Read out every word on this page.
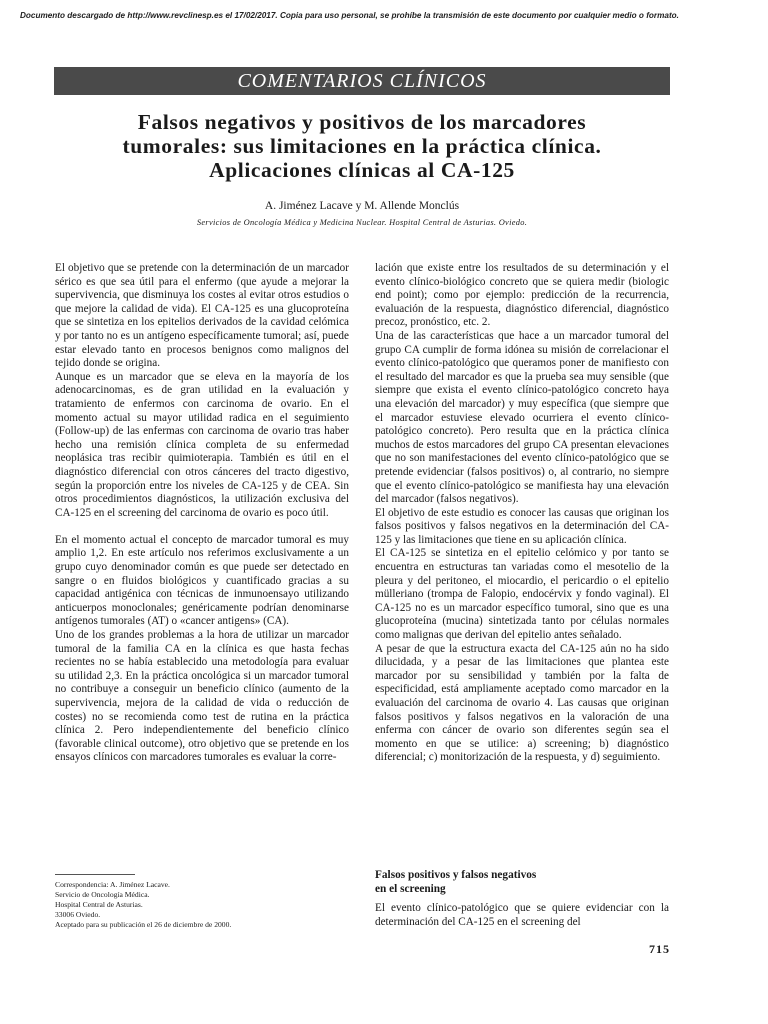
Documento descargado de http://www.revclinesp.es el 17/02/2017. Copia para uso personal, se prohíbe la transmisión de este documento por cualquier medio o formato.
COMENTARIOS CLÍNICOS
Falsos negativos y positivos de los marcadores
tumorales: sus limitaciones en la práctica clínica.
Aplicaciones clínicas al CA-125
A. Jiménez Lacave y M. Allende Monclús
Servicios de Oncología Médica y Medicina Nuclear. Hospital Central de Asturias. Oviedo.

El objetivo que se pretende con la determinación de un marcador sérico es que sea útil para el enfermo (que ayude a mejorar la supervivencia, que disminuya los costes al evitar otros estudios o que mejore la calidad de vida). El CA-125 es una glucoproteína que se sintetiza en los epitelios derivados de la cavidad celómica y por tanto no es un antígeno específicamente tumoral; así, puede estar elevado tanto en procesos benignos como malignos del tejido donde se origina.

Aunque es un marcador que se eleva en la mayoría de los adenocarcinomas, es de gran utilidad en la evaluación y tratamiento de enfermos con carcinoma de ovario. En el momento actual su mayor utilidad radica en el seguimiento (Follow-up) de las enfermas con carcinoma de ovario tras haber hecho una remisión clínica completa de su enfermedad neoplásica tras recibir quimioterapia. También es útil en el diagnóstico diferencial con otros cánceres del tracto digestivo, según la proporción entre los niveles de CA-125 y de CEA. Sin otros procedimientos diagnósticos, la utilización exclusiva del CA-125 en el screening del carcinoma de ovario es poco útil.

En el momento actual el concepto de marcador tumoral es muy amplio 1,2. En este artículo nos referimos exclusivamente a un grupo cuyo denominador común es que puede ser detectado en sangre o en fluidos biológicos y cuantificado gracias a su capacidad antigénica con técnicas de inmunoensayo utilizando anticuerpos monoclonales; genéricamente podrían denominarse antígenos tumorales (AT) o «cancer antigens» (CA).

Uno de los grandes problemas a la hora de utilizar un marcador tumoral de la familia CA en la clínica es que hasta fechas recientes no se había establecido una metodología para evaluar su utilidad 2,3. En la práctica oncológica si un marcador tumoral no contribuye a conseguir un beneficio clínico (aumento de la supervivencia, mejora de la calidad de vida o reducción de costes) no se recomienda como test de rutina en la práctica clínica 2. Pero independientemente del beneficio clínico (favorable clinical outcome), otro objetivo que se pretende en los ensayos clínicos con marcadores tumorales es evaluar la corre-

Correspondencia: A. Jiménez Lacave.
Servicio de Oncología Médica.
Hospital Central de Asturias.
33006 Oviedo.
Aceptado para su publicación el 26 de diciembre de 2000.

lación que existe entre los resultados de su determinación y el evento clínico-biológico concreto que se quiera medir (biologic end point); como por ejemplo: predicción de la recurrencia, evaluación de la respuesta, diagnóstico diferencial, diagnóstico precoz, pronóstico, etc. 2.

Una de las características que hace a un marcador tumoral del grupo CA cumplir de forma idónea su misión de correlacionar el evento clínico-patológico que queramos poner de manifiesto con el resultado del marcador es que la prueba sea muy sensible (que siempre que exista el evento clínico-patológico concreto haya una elevación del marcador) y muy específica (que siempre que el marcador estuviese elevado ocurriera el evento clínico-patológico concreto). Pero resulta que en la práctica clínica muchos de estos marcadores del grupo CA presentan elevaciones que no son manifestaciones del evento clínico-patológico que se pretende evidenciar (falsos positivos) o, al contrario, no siempre que el evento clínico-patológico se manifiesta hay una elevación del marcador (falsos negativos).

El objetivo de este estudio es conocer las causas que originan los falsos positivos y falsos negativos en la determinación del CA-125 y las limitaciones que tiene en su aplicación clínica.

El CA-125 se sintetiza en el epitelio celómico y por tanto se encuentra en estructuras tan variadas como el mesotelio de la pleura y del peritoneo, el miocardio, el pericardio o el epitelio mülleriano (trompa de Falopio, endocérvix y fondo vaginal). El CA-125 no es un marcador específico tumoral, sino que es una glucoproteína (mucina) sintetizada tanto por células normales como malignas que derivan del epitelio antes señalado.

A pesar de que la estructura exacta del CA-125 aún no ha sido dilucidada, y a pesar de las limitaciones que plantea este marcador por su sensibilidad y también por la falta de especificidad, está ampliamente aceptado como marcador en la evaluación del carcinoma de ovario 4. Las causas que originan falsos positivos y falsos negativos en la valoración de una enferma con cáncer de ovario son diferentes según sea el momento en que se utilice: a) screening; b) diagnóstico diferencial; c) monitorización de la respuesta, y d) seguimiento.

Falsos positivos y falsos negativos
en el screening

El evento clínico-patológico que se quiere evidenciar con la determinación del CA-125 en el screening del

715
